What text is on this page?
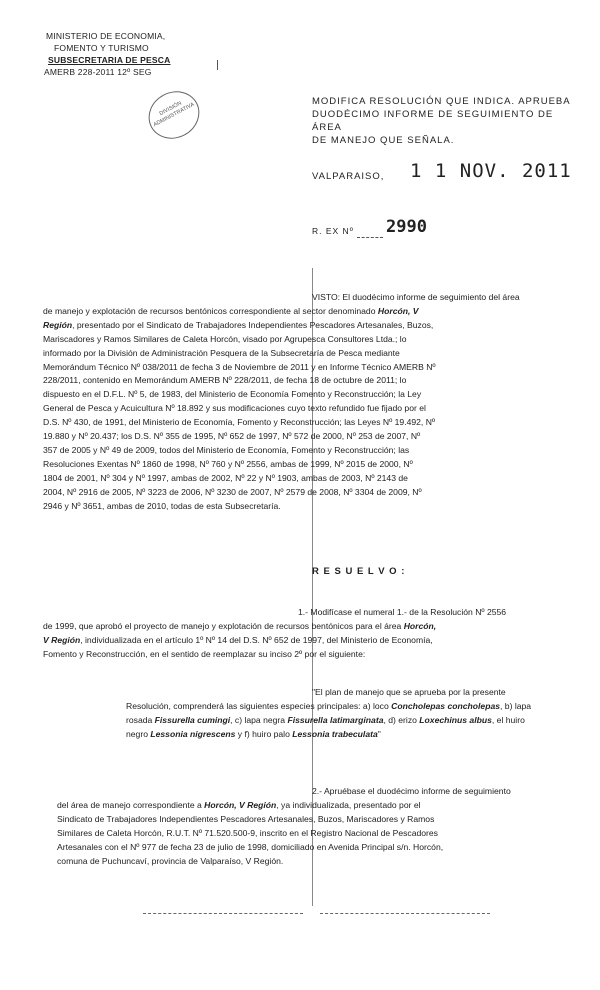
MINISTERIO DE ECONOMIA,
FOMENTO Y TURISMO
SUBSECRETARIA DE PESCA
AMERB 228-2011 12º SEG
DIVISIÓN ADMINISTRATIVA
MODIFICA RESOLUCIÓN QUE INDICA. APRUEBA
DUODÉCIMO INFORME DE SEGUIMIENTO DE ÁREA
DE MANEJO QUE SEÑALA.
VALPARAISO, 1 1 NOV. 2011
R. EX Nº 2990
VISTO: El duodécimo informe de seguimiento del área
de manejo y explotación de recursos bentónicos correspondiente al sector denominado Horcón, V
Región, presentado por el Sindicato de Trabajadores Independientes Pescadores Artesanales, Buzos,
Mariscadores y Ramos Similares de Caleta Horcón, visado por Agrupesca Consultores Ltda.; lo
informado por la División de Administración Pesquera de la Subsecretaría de Pesca mediante
Memorándum Técnico Nº 038/2011 de fecha 3 de Noviembre de 2011 y en Informe Técnico AMERB Nº
228/2011, contenido en Memorándum AMERB Nº 228/2011, de fecha 18 de octubre de 2011; lo
dispuesto en el D.F.L. Nº 5, de 1983, del Ministerio de Economía Fomento y Reconstrucción; la Ley
General de Pesca y Acuicultura Nº 18.892 y sus modificaciones cuyo texto refundido fue fijado por el
D.S. Nº 430, de 1991, del Ministerio de Economía, Fomento y Reconstrucción; las Leyes Nº 19.492, Nº
19.880 y Nº 20.437; los D.S. Nº 355 de 1995, Nº 652 de 1997, Nº 572 de 2000, Nº 253 de 2007, Nº
357 de 2005 y Nº 49 de 2009, todos del Ministerio de Economía, Fomento y Reconstrucción; las
Resoluciones Exentas Nº 1860 de 1998, Nº 760 y Nº 2556, ambas de 1999, Nº 2015 de 2000, Nº
1804 de 2001, Nº 304 y Nº 1997, ambas de 2002, Nº 22 y Nº 1903, ambas de 2003, Nº 2143 de
2004, Nº 2916 de 2005, Nº 3223 de 2006, Nº 3230 de 2007, Nº 2579 de 2008, Nº 3304 de 2009, Nº
2946 y Nº 3651, ambas de 2010, todas de esta Subsecretaría.
R E S U E L V O :
1.- Modifícase el numeral 1.- de la Resolución Nº 2556
de 1999, que aprobó el proyecto de manejo y explotación de recursos bentónicos para el área Horcón,
V Región, individualizada en el artículo 1º Nº 14 del D.S. Nº 652 de 1997, del Ministerio de Economía,
Fomento y Reconstrucción, en el sentido de reemplazar su inciso 2º por el siguiente:
"El plan de manejo que se aprueba por la presente
Resolución, comprenderá las siguientes especies principales: a) loco Concholepas concholepas, b) lapa
rosada Fissurella cumingi, c) lapa negra Fissurella latimarginata, d) erizo Loxechinus albus, el huiro
negro Lessonia nigrescens y f) huiro palo Lessonia trabeculata"
2.- Apruébase el duodécimo informe de seguimiento
del área de manejo correspondiente a Horcón, V Región, ya individualizada, presentado por el
Sindicato de Trabajadores Independientes Pescadores Artesanales, Buzos, Mariscadores y Ramos
Similares de Caleta Horcón, R.U.T. Nº 71.520.500-9, inscrito en el Registro Nacional de Pescadores
Artesanales con el Nº 977 de fecha 23 de julio de 1998, domiciliado en Avenida Principal s/n. Horcón,
comuna de Puchuncaví, provincia de Valparaíso, V Región.
